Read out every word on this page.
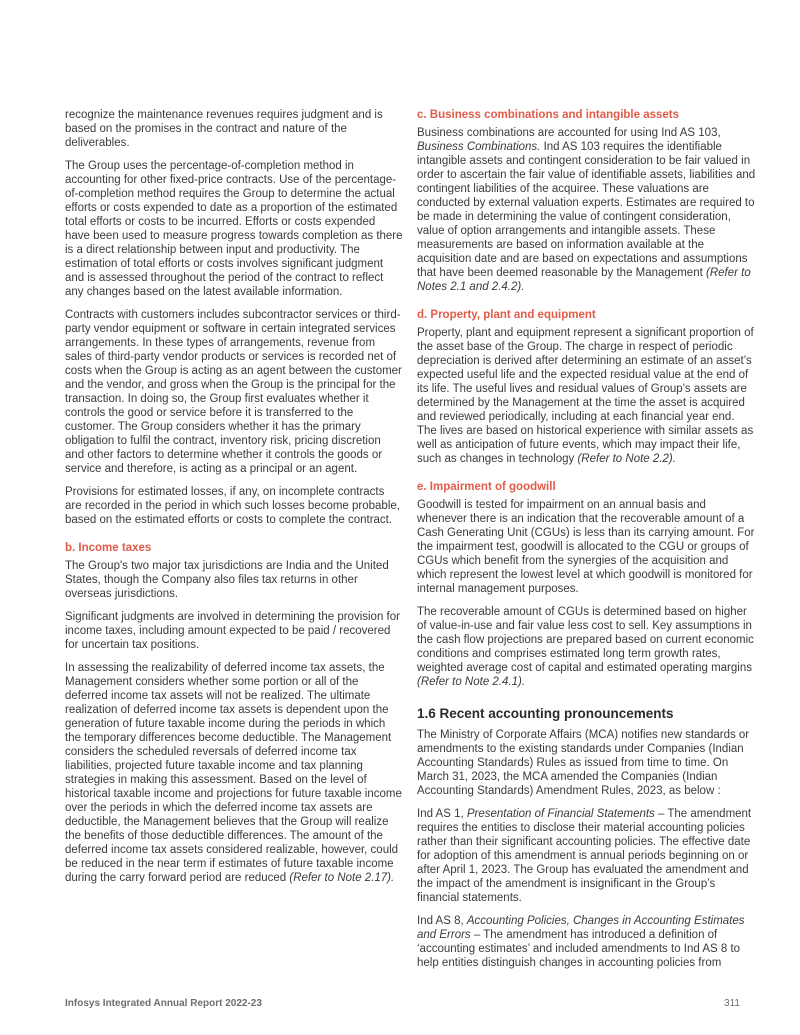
recognize the maintenance revenues requires judgment and is based on the promises in the contract and nature of the deliverables.

The Group uses the percentage-of-completion method in accounting for other fixed-price contracts. Use of the percentage-of-completion method requires the Group to determine the actual efforts or costs expended to date as a proportion of the estimated total efforts or costs to be incurred. Efforts or costs expended have been used to measure progress towards completion as there is a direct relationship between input and productivity. The estimation of total efforts or costs involves significant judgment and is assessed throughout the period of the contract to reflect any changes based on the latest available information.

Contracts with customers includes subcontractor services or third-party vendor equipment or software in certain integrated services arrangements. In these types of arrangements, revenue from sales of third-party vendor products or services is recorded net of costs when the Group is acting as an agent between the customer and the vendor, and gross when the Group is the principal for the transaction. In doing so, the Group first evaluates whether it controls the good or service before it is transferred to the customer. The Group considers whether it has the primary obligation to fulfil the contract, inventory risk, pricing discretion and other factors to determine whether it controls the goods or service and therefore, is acting as a principal or an agent.

Provisions for estimated losses, if any, on incomplete contracts are recorded in the period in which such losses become probable, based on the estimated efforts or costs to complete the contract.

b. Income taxes

The Group's two major tax jurisdictions are India and the United States, though the Company also files tax returns in other overseas jurisdictions.

Significant judgments are involved in determining the provision for income taxes, including amount expected to be paid / recovered for uncertain tax positions.

In assessing the realizability of deferred income tax assets, the Management considers whether some portion or all of the deferred income tax assets will not be realized. The ultimate realization of deferred income tax assets is dependent upon the generation of future taxable income during the periods in which the temporary differences become deductible. The Management considers the scheduled reversals of deferred income tax liabilities, projected future taxable income and tax planning strategies in making this assessment. Based on the level of historical taxable income and projections for future taxable income over the periods in which the deferred income tax assets are deductible, the Management believes that the Group will realize the benefits of those deductible differences. The amount of the deferred income tax assets considered realizable, however, could be reduced in the near term if estimates of future taxable income during the carry forward period are reduced (Refer to Note 2.17).

c. Business combinations and intangible assets

Business combinations are accounted for using Ind AS 103, Business Combinations. Ind AS 103 requires the identifiable intangible assets and contingent consideration to be fair valued in order to ascertain the fair value of identifiable assets, liabilities and contingent liabilities of the acquiree. These valuations are conducted by external valuation experts. Estimates are required to be made in determining the value of contingent consideration, value of option arrangements and intangible assets. These measurements are based on information available at the acquisition date and are based on expectations and assumptions that have been deemed reasonable by the Management (Refer to Notes 2.1 and 2.4.2).

d. Property, plant and equipment

Property, plant and equipment represent a significant proportion of the asset base of the Group. The charge in respect of periodic depreciation is derived after determining an estimate of an asset’s expected useful life and the expected residual value at the end of its life. The useful lives and residual values of Group's assets are determined by the Management at the time the asset is acquired and reviewed periodically, including at each financial year end. The lives are based on historical experience with similar assets as well as anticipation of future events, which may impact their life, such as changes in technology (Refer to Note 2.2).

e. Impairment of goodwill

Goodwill is tested for impairment on an annual basis and whenever there is an indication that the recoverable amount of a Cash Generating Unit (CGUs) is less than its carrying amount. For the impairment test, goodwill is allocated to the CGU or groups of CGUs which benefit from the synergies of the acquisition and which represent the lowest level at which goodwill is monitored for internal management purposes.

The recoverable amount of CGUs is determined based on higher of value-in-use and fair value less cost to sell. Key assumptions in the cash flow projections are prepared based on current economic conditions and comprises estimated long term growth rates, weighted average cost of capital and estimated operating margins (Refer to Note 2.4.1).

1.6 Recent accounting pronouncements

The Ministry of Corporate Affairs (MCA) notifies new standards or amendments to the existing standards under Companies (Indian Accounting Standards) Rules as issued from time to time. On March 31, 2023, the MCA amended the Companies (Indian Accounting Standards) Amendment Rules, 2023, as below :

Ind AS 1, Presentation of Financial Statements – The amendment requires the entities to disclose their material accounting policies rather than their significant accounting policies. The effective date for adoption of this amendment is annual periods beginning on or after April 1, 2023. The Group has evaluated the amendment and the impact of the amendment is insignificant in the Group’s financial statements.

Ind AS 8, Accounting Policies, Changes in Accounting Estimates and Errors – The amendment has introduced a definition of ‘accounting estimates’ and included amendments to Ind AS 8 to help entities distinguish changes in accounting policies from

Infosys Integrated Annual Report 2022-23	311
